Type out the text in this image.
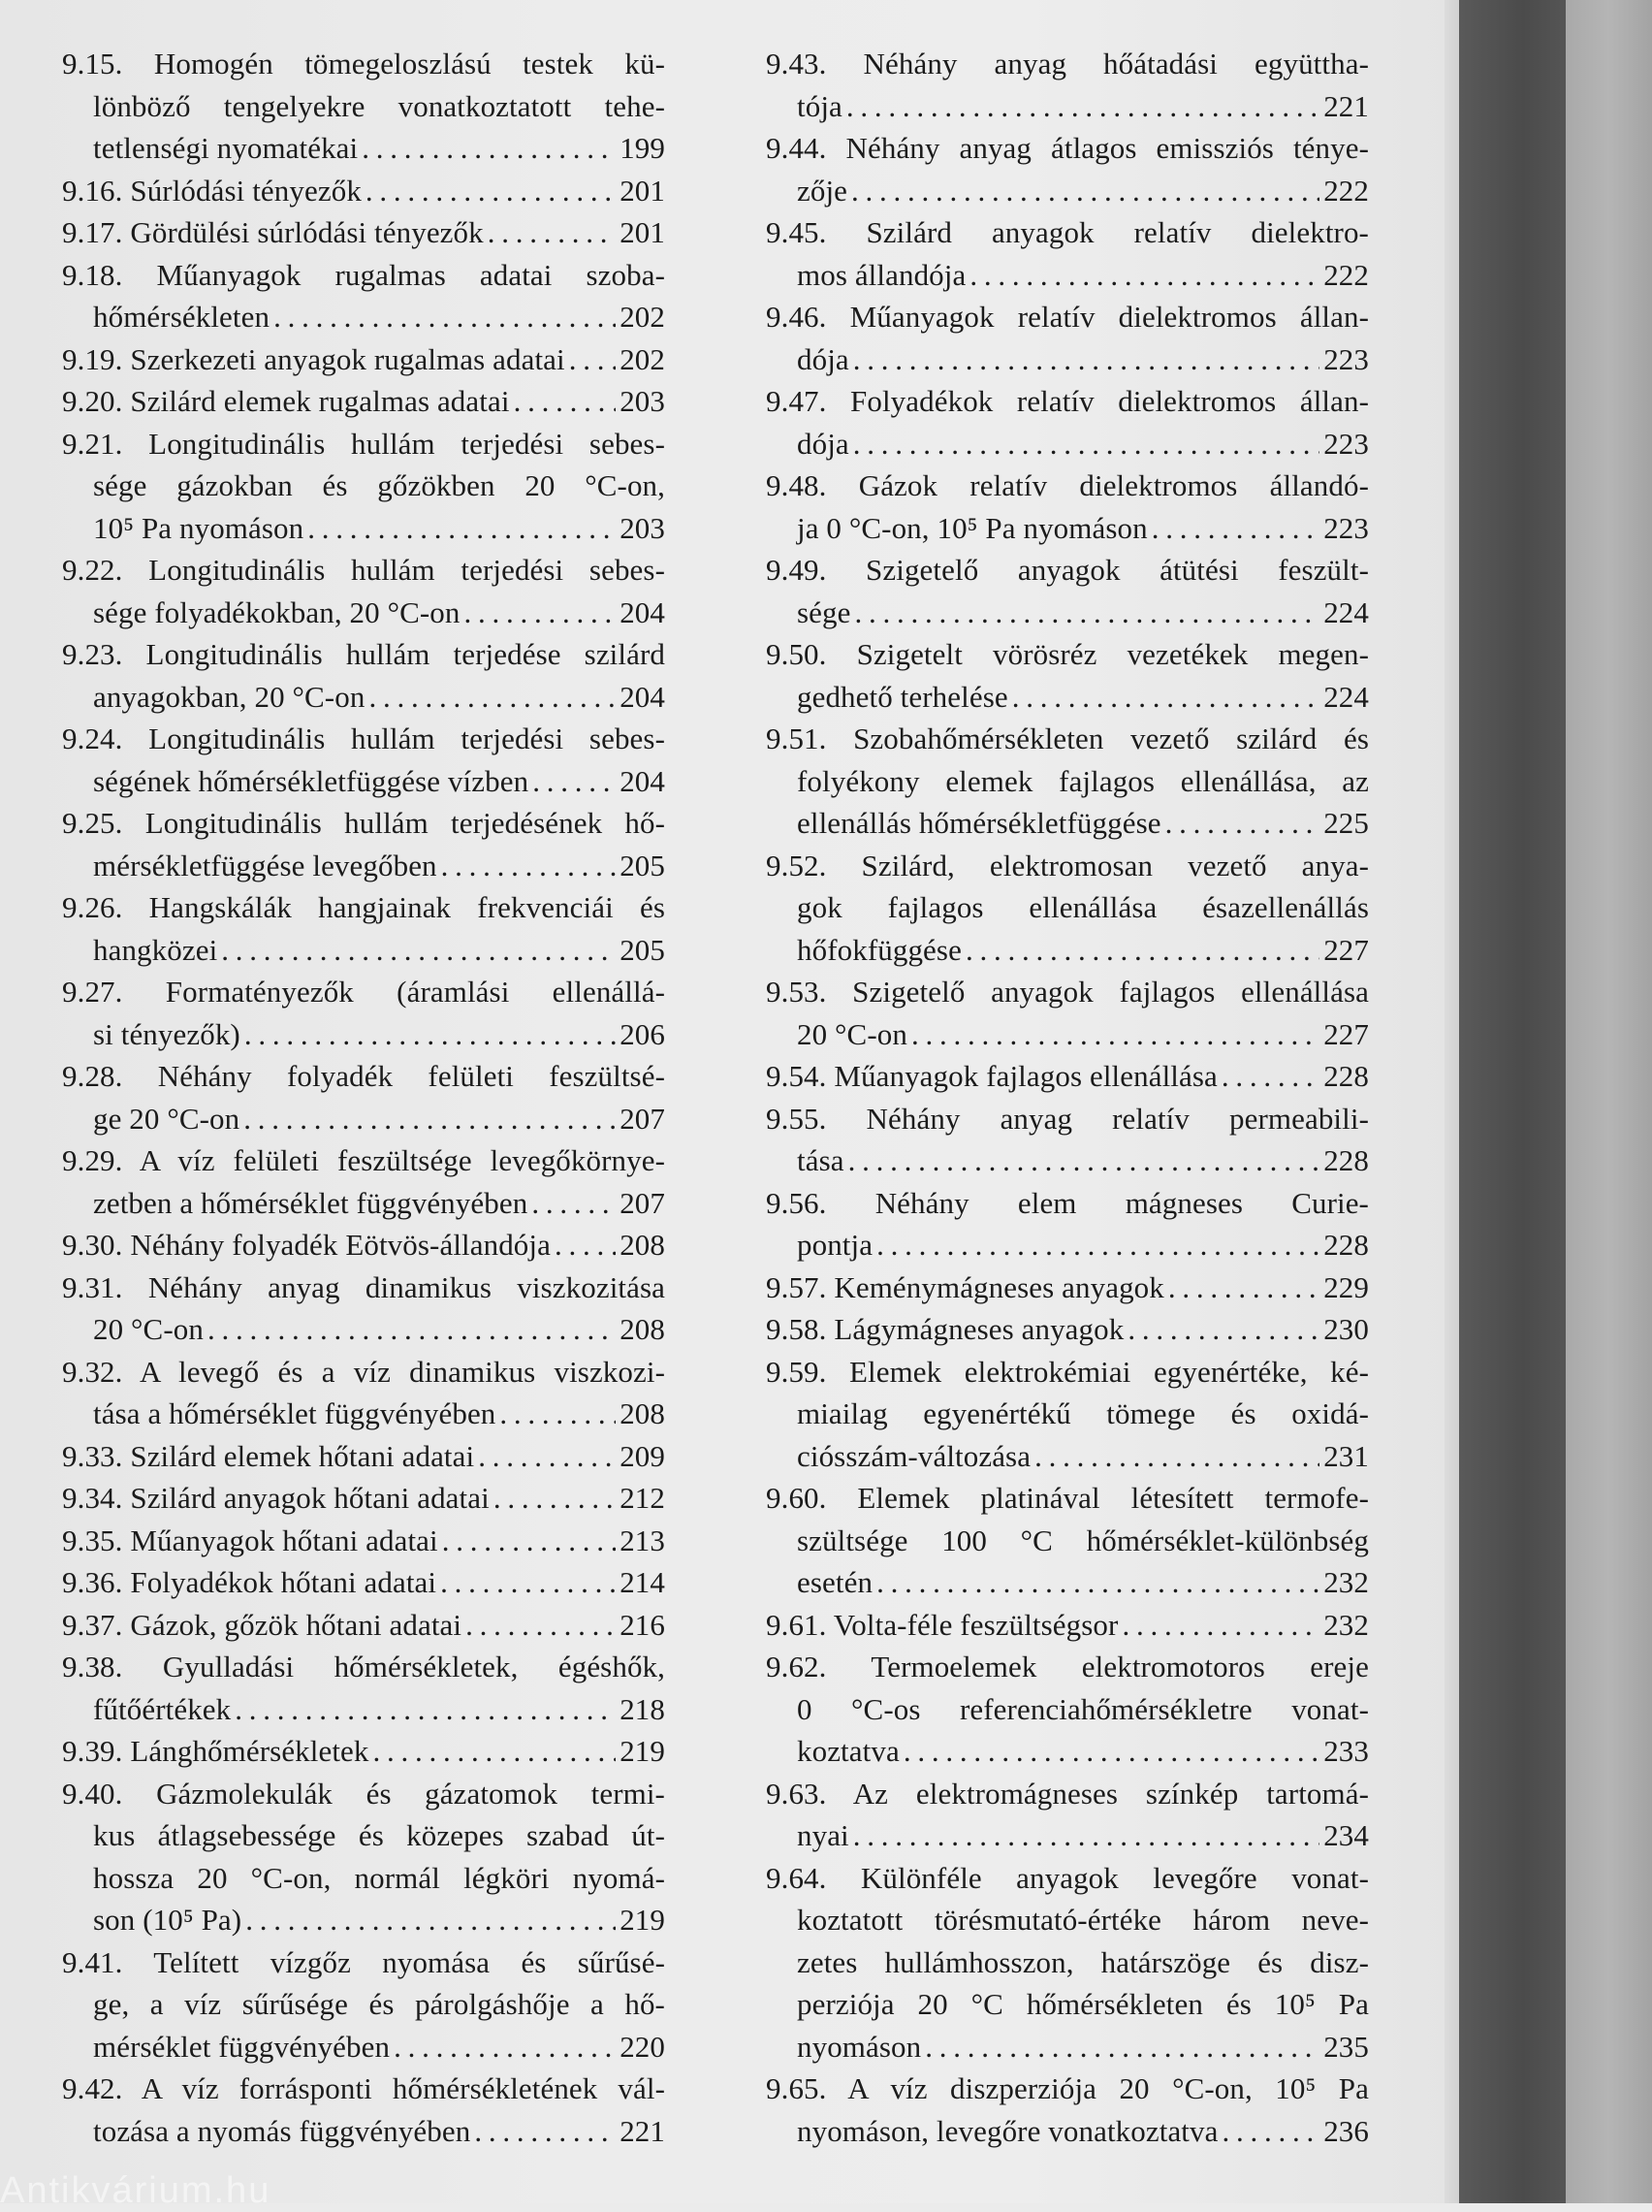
9.15. Homogén tömegeloszlású testek kü-
lönböző tengelyekre vonatkoztatott tehe-
tetlenségi nyomatékai . . .	199
9.16. Súrlódási tényezők . . .	201
9.17. Gördülési súrlódási tényezők . . .	201
9.18. Műanyagok rugalmas adatai szoba-
hőmérsékleten . . .	202
9.19. Szerkezeti anyagok rugalmas adatai . . . 202
9.20. Szilárd elemek rugalmas adatai . . .	203
9.21. Longitudinális hullám terjedési sebes-
sége gázokban és gőzökben 20 °C-on,
10⁵ Pa nyomáson . . .	203
9.22. Longitudinális hullám terjedési sebes-
sége folyadékokban, 20 °C-on . . .	204
9.23. Longitudinális hullám terjedése szilárd
anyagokban, 20 °C-on . . .	204
9.24. Longitudinális hullám terjedési sebes-
ségének hőmérsékletfüggése vízben . . .	204
9.25. Longitudinális hullám terjedésének hő-
mérsékletfüggése levegőben . . .	205
9.26. Hangskálák hangjainak frekvenciái és
hangközei . . .	205
9.27. Formatényezők (áramlási ellenállá-
si tényezők) . . .	206
9.28. Néhány folyadék felületi feszültsé-
ge 20 °C-on . . .	207
9.29. A víz felületi feszültsége levegőkörnye-
zetben a hőmérséklet függvényében . . .	207
9.30. Néhány folyadék Eötvös-állandója . . . 208
9.31. Néhány anyag dinamikus viszkozitása
20 °C-on . . .	208
9.32. A levegő és a víz dinamikus viszkozi-
tása a hőmérséklet függvényében . . .	208
9.33. Szilárd elemek hőtani adatai . . .	209
9.34. Szilárd anyagok hőtani adatai . . .	212
9.35. Műanyagok hőtani adatai . . .	213
9.36. Folyadékok hőtani adatai . . .	214
9.37. Gázok, gőzök hőtani adatai . . .	216
9.38. Gyulladási hőmérsékletek, égéshők,
fűtőértékek . . .	218
9.39. Lánghőmérsékletek . . .	219
9.40. Gázmolekulák és gázatomok termi-
kus átlagsebessége és közepes szabad út-
hossza 20 °C-on, normál légköri nyomá-
son (10⁵ Pa) . . .	219
9.41. Telített vízgőz nyomása és sűrűsé-
ge, a víz sűrűsége és párolgáshője a hő-
mérséklet függvényében . . .	220
9.42. A víz forrásponti hőmérsékletének vál-
tozása a nyomás függvényében . . .	221
9.43. Néhány anyag hőátadási együttha-
tója . . .	221
9.44. Néhány anyag átlagos emissziós ténye-
zője . . .	222
9.45. Szilárd anyagok relatív dielektro-
mos állandója . . .	222
9.46. Műanyagok relatív dielektromos állan-
dója . . .	223
9.47. Folyadékok relatív dielektromos állan-
dója . . .	223
9.48. Gázok relatív dielektromos állandó-
ja 0 °C-on, 10⁵ Pa nyomáson . . .	223
9.49. Szigetelő anyagok átütési feszült-
sége . . .	224
9.50. Szigetelt vörösréz vezetékek megen-
gedhető terhelése . . .	224
9.51. Szobahőmérsékleten vezető szilárd és
folyékony elemek fajlagos ellenállása, az
ellenállás hőmérsékletfüggése . . .	225
9.52. Szilárd, elektromosan vezető anya-
gok fajlagos ellenállása ésazellenállás
hőfokfüggése . . .	227
9.53. Szigetelő anyagok fajlagos ellenállása
20 °C-on . . .	227
9.54. Műanyagok fajlagos ellenállása . . .	228
9.55. Néhány anyag relatív permeabili-
tása . . .	228
9.56. Néhány elem mágneses Curie-
pontja . . .	228
9.57. Keménymágneses anyagok . . .	229
9.58. Lágymágneses anyagok . . .	230
9.59. Elemek elektrokémiai egyenértéke, ké-
miailag egyenértékű tömege és oxidá-
ciósszám-változása . . .	231
9.60. Elemek platinával létesített termofe-
szültsége 100 °C hőmérséklet-különbség
esetén . . .	232
9.61. Volta-féle feszültségsor . . .	232
9.62. Termoelemek elektromotoros ereje
0 °C-os referenciahőmérsékletre vonat-
koztatva . . .	233
9.63. Az elektromágneses színkép tartomá-
nyai . . .	234
9.64. Különféle anyagok levegőre vonat-
koztatott törésmutató-értéke három neve-
zetes hullámhosszon, határszöge és disz-
perziója 20 °C hőmérsékleten és 10⁵ Pa
nyomáson . . .	235
9.65. A víz diszperziója 20 °C-on, 10⁵ Pa
nyomáson, levegőre vonatkoztatva . . .	236
Antikvárium.hu
